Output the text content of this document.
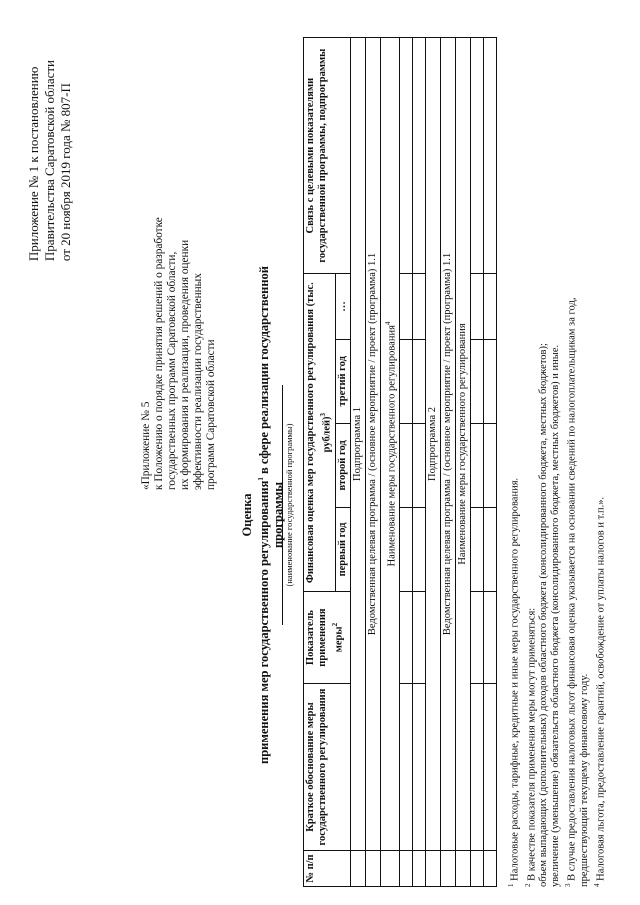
Приложение № 1 к постановлению Правительства Саратовской области от 20 ноября 2019 года № 807-П
«Приложение № 5 к Положению о порядке принятия решений о разработке государственных программ Саратовской области, их формирования и реализации, проведения оценки эффективности реализации государственных программ Саратовской области
Оценка применения мер государственного регулирования$^1$ в сфере реализации государственной программы
(наименование государственной программы)
№ п/п	Краткое обоснование меры государственного регулирования	Показатель применения меры$^2$	Финансовая оценка мер государственного регулирования (тыс. рублей)$^3$				Связь с целевыми показателями государственной программы, подпрограммы
			первый год	второй год	третий год	…	
	Подпрограмма 1						
	Ведомственная целевая программа / (основное мероприятие / проект (программа) 1.1						
	Наименование меры государственного регулирования$^4$

	Подпрограмма 2						
	Ведомственная целевая программа / (основное мероприятие / проект (программа) 1.1						
	Наименование меры государственного регулирования						

$^1$ Налоговые расходы, тарифные, кредитные и иные меры государственного регулирования.

$^2$ В качестве показателя применения меры могут применяться: объем выпадающих (дополнительных) доходов областного бюджета (консолидированного бюджета, местных бюджетов); увеличение (уменьшение) обязательств областного бюджета (консолидированного бюджета, местных бюджетов) и иные. $^3$ В случае предоставления налоговых льгот финансовая оценка указывается на основании сведений по налогоплательщикам за год, предшествующий текущему финансовому году. $^4$ Налоговая льгота, предоставление гарантий, освобождение от уплаты налогов и т.п.».
